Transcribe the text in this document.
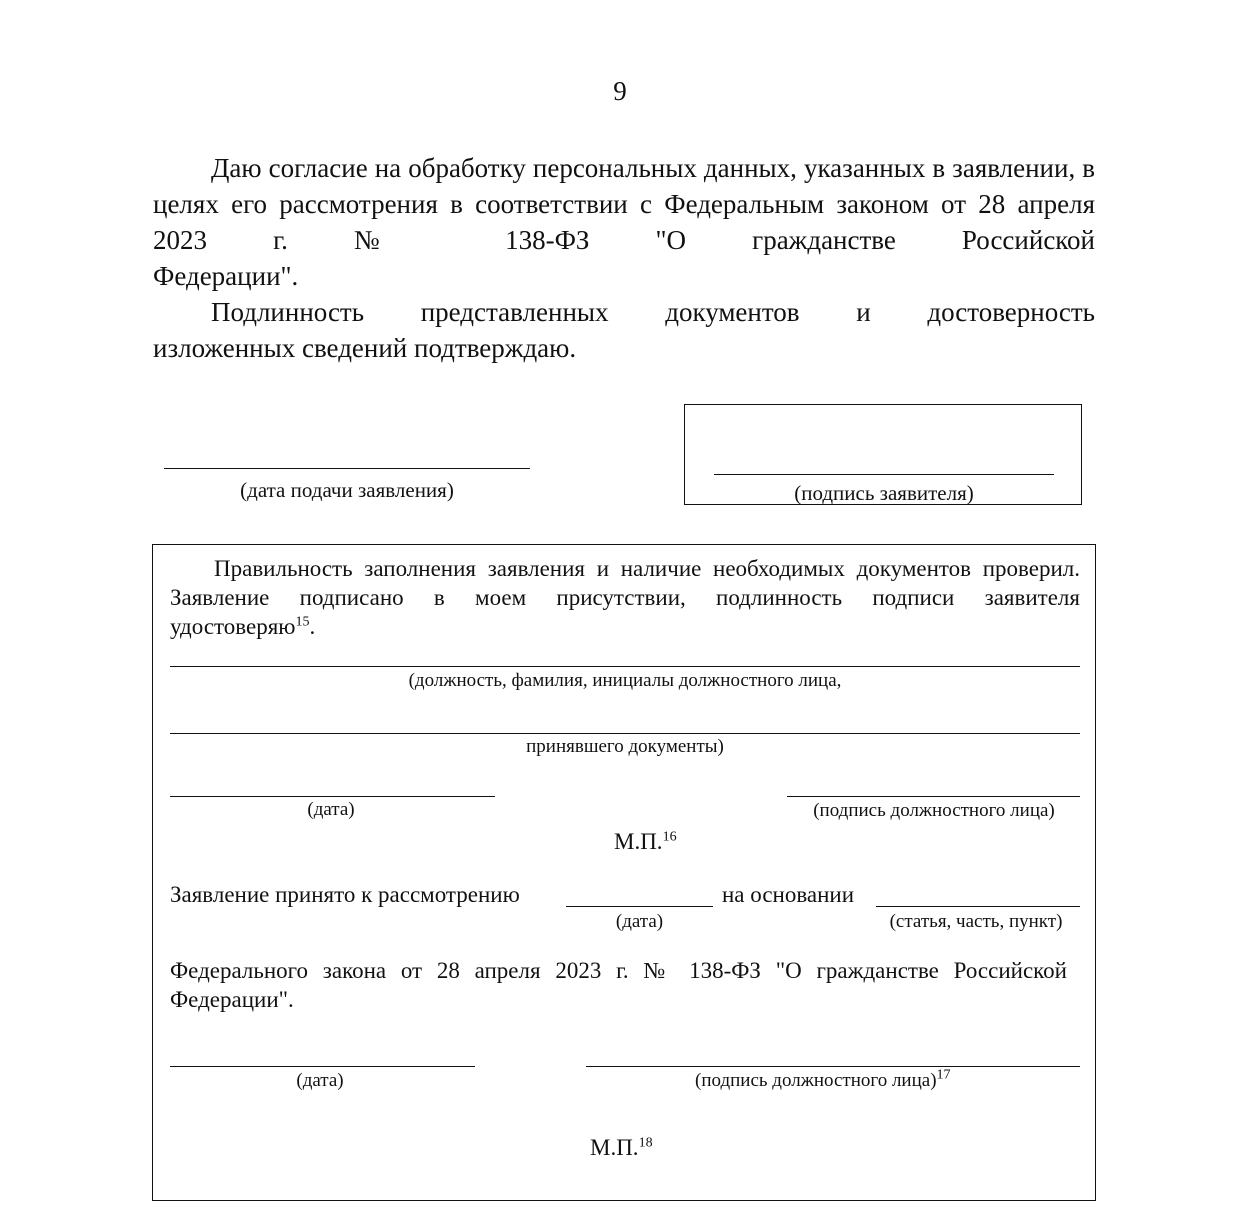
9
Даю согласие на обработку персональных данных, указанных в заявлении, в целях его рассмотрения в соответствии с Федеральным законом от 28 апреля 2023 г. № 138-ФЗ "О гражданстве Российской
Федерации".
Подлинность представленных документов и достоверность
изложенных сведений подтверждаю.
(дата подачи заявления)	(подпись заявителя)
Правильность заполнения заявления и наличие необходимых документов проверил. Заявление подписано в моем присутствии, подлинность подписи заявителя
удостоверяю$^{15}$.
(должность, фамилия, инициалы должностного лица,
принявшего документы)
(дата)	(подпись должностного лица)
М.П.$^{16}$
Заявление принято к рассмотрению
(дата)
на основании
(статья, часть, пункт)
Федерального закона от 28 апреля 2023 г. № 138-ФЗ "О гражданстве Российской
Федерации".
(дата)	(подпись должностного лица)$^{17}$
М.П.$^{18}$
